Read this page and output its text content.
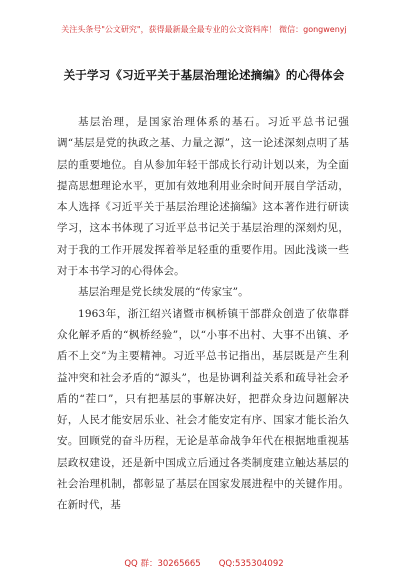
关注头条号"公文研究"，获得最新最全最专业的公文资料库！ 微信：gongwenyj
关于学习《习近平关于基层治理论述摘编》的心得体会

基层治理，是国家治理体系的基石。习近平总书记强调“基层是党的执政之基、力量之源”，这一论述深刻点明了基层的重要地位。自从参加年轻干部成长行动计划以来，为全面提高思想理论水平，更加有效地利用业余时间开展自学活动，本人选择《习近平关于基层治理论述摘编》这本著作进行研读学习，这本书体现了习近平总书记关于基层治理的深刻灼见，对于我的工作开展发挥着举足轻重的重要作用。因此浅谈一些对于本书学习的心得体会。

基层治理是党长续发展的“传家宝”。

1963年，浙江绍兴诸暨市枫桥镇干部群众创造了依靠群众化解矛盾的“枫桥经验”，以“小事不出村、大事不出镇、矛盾不上交”为主要精神。习近平总书记指出，基层既是产生利益冲突和社会矛盾的“源头”，也是协调利益关系和疏导社会矛盾的“茬口”，只有把基层的事解决好，把群众身边问题解决好，人民才能安居乐业、社会才能安定有序、国家才能长治久安。回顾党的奋斗历程，无论是革命战争年代在根据地重视基层政权建设，还是新中国成立后通过各类制度建立触达基层的社会治理机制，都彰显了基层在国家发展进程中的关键作用。在新时代，基

QQ 群：30265665 QQ:535304092
